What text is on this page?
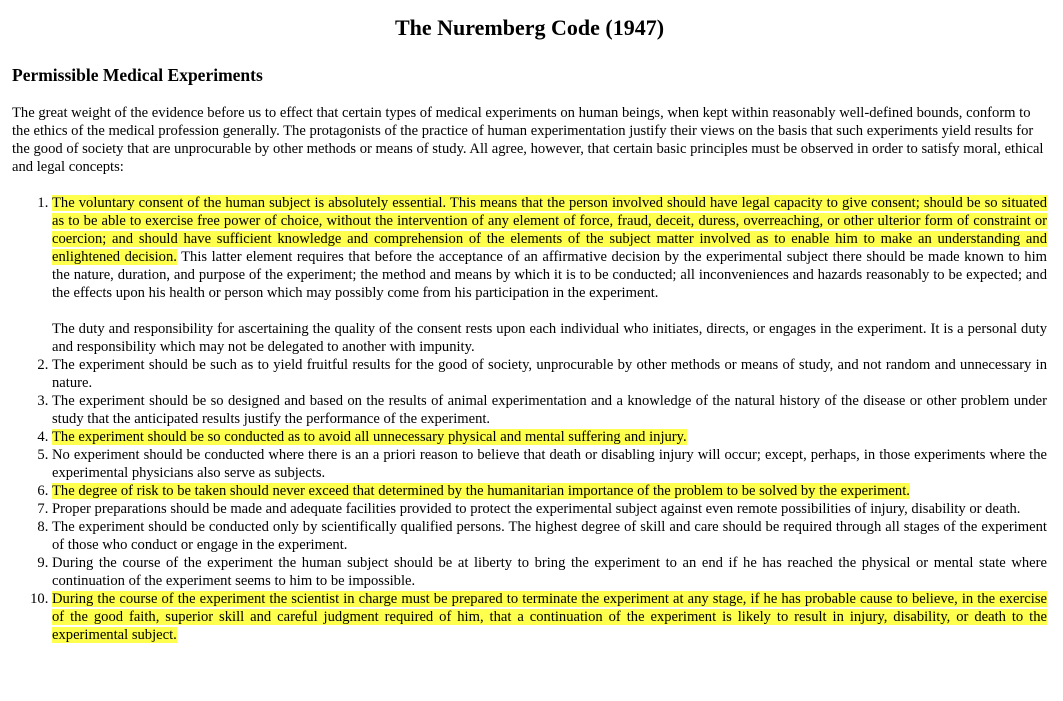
The Nuremberg Code (1947)
Permissible Medical Experiments

The great weight of the evidence before us to effect that certain types of medical experiments on human beings, when kept within reasonably well-defined bounds, conform to the ethics of the medical profession generally. The protagonists of the practice of human experimentation justify their views on the basis that such experiments yield results for the good of society that are unprocurable by other methods or means of study. All agree, however, that certain basic principles must be observed in order to satisfy moral, ethical and legal concepts:

1. The voluntary consent of the human subject is absolutely essential. This means that the person involved should have legal capacity to give consent; should be so situated as to be able to exercise free power of choice, without the intervention of any element of force, fraud, deceit, duress, overreaching, or other ulterior form of constraint or coercion; and should have sufficient knowledge and comprehension of the elements of the subject matter involved as to enable him to make an understanding and enlightened decision. This latter element requires that before the acceptance of an affirmative decision by the experimental subject there should be made known to him the nature, duration, and purpose of the experiment; the method and means by which it is to be conducted; all inconveniences and hazards reasonably to be expected; and the effects upon his health or person which may possibly come from his participation in the experiment.
The duty and responsibility for ascertaining the quality of the consent rests upon each individual who initiates, directs, or engages in the experiment. It is a personal duty and responsibility which may not be delegated to another with impunity.
2. The experiment should be such as to yield fruitful results for the good of society, unprocurable by other methods or means of study, and not random and unnecessary in nature.
3. The experiment should be so designed and based on the results of animal experimentation and a knowledge of the natural history of the disease or other problem under study that the anticipated results justify the performance of the experiment.
4. The experiment should be so conducted as to avoid all unnecessary physical and mental suffering and injury.
5. No experiment should be conducted where there is an a priori reason to believe that death or disabling injury will occur; except, perhaps, in those experiments where the experimental physicians also serve as subjects.
6. The degree of risk to be taken should never exceed that determined by the humanitarian importance of the problem to be solved by the experiment.
7. Proper preparations should be made and adequate facilities provided to protect the experimental subject against even remote possibilities of injury, disability or death.
8. The experiment should be conducted only by scientifically qualified persons. The highest degree of skill and care should be required through all stages of the experiment of those who conduct or engage in the experiment.
9. During the course of the experiment the human subject should be at liberty to bring the experiment to an end if he has reached the physical or mental state where continuation of the experiment seems to him to be impossible.
10. During the course of the experiment the scientist in charge must be prepared to terminate the experiment at any stage, if he has probable cause to believe, in the exercise of the good faith, superior skill and careful judgment required of him, that a continuation of the experiment is likely to result in injury, disability, or death to the experimental subject.
